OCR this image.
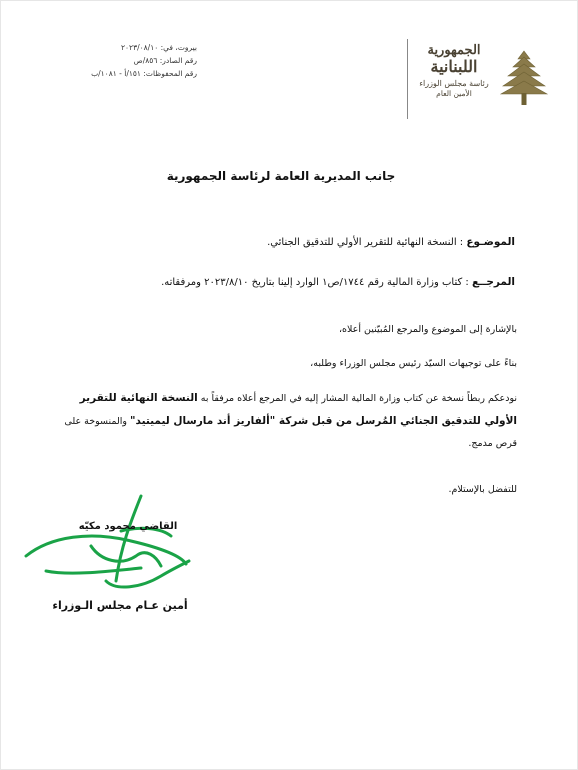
بيروت، في: ٢٠٢٣/٠٨/١٠
رقم الصادر: ٨٥٦/ص
رقم المحفوظات: ١٥١/أ - ١٠٨١/ب
الجمهورية
اللبنانية
رئاسة مجلس الوزراء
الأمين العام
جانب المديرية العامة لرئاسة الجمهورية
الموضـوع : النسخة النهائية للتقرير الأولي للتدقيق الجنائي.
المرجــع : كتاب وزارة المالية رقم ١٧٤٤/ص١ الوارد إلينا بتاريخ ٢٠٢٣/٨/١٠ ومرفقاته.
بالإشارة إلى الموضوع والمرجع المُبيّنين أعلاه،
بناءً على توجيهات السيّد رئيس مجلس الوزراء وطلبه،
نودعكم ربطاً نسخة عن كتاب وزارة المالية المشار إليه في المرجع أعلاه مرفقاً به النسخة النهائية للتقرير الأولي للتدقيق الجنائي المُرسل من قبل شركة "ألفاريز أند مارسال ليميتيد" والمنسوخة على قرص مدمج.
للتفضل بالإستلام.
القاضي محمود مكيّه
أمين عـام مجلس الـوزراء
